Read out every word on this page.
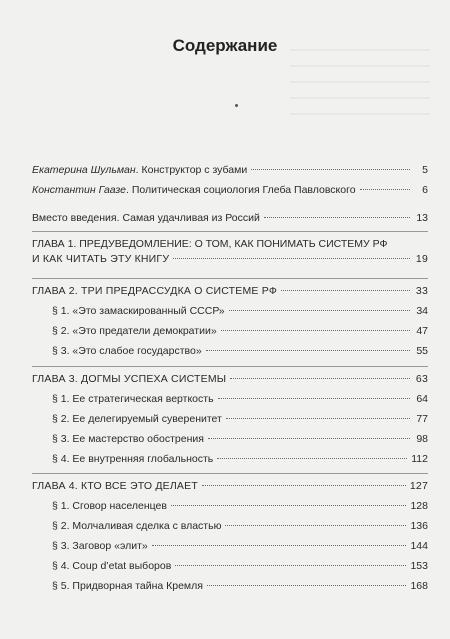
Содержание
Екатерина Шульман. Конструктор с зубами	5
Константин Гаазе. Политическая социология Глеба Павловского	6
Вместо введения. Самая удачливая из Россий	13
ГЛАВА 1. ПРЕДУВЕДОМЛЕНИЕ: О ТОМ, КАК ПОНИМАТЬ СИСТЕМУ РФ
И КАК ЧИТАТЬ ЭТУ КНИГУ	19
ГЛАВА 2. ТРИ ПРЕДРАССУДКА О СИСТЕМЕ РФ	33
§ 1. «Это замаскированный СССР»	34
§ 2. «Это предатели демократии»	47
§ 3. «Это слабое государство»	55
ГЛАВА 3. ДОГМЫ УСПЕХА СИСТЕМЫ	63
§ 1. Ее стратегическая верткость	64
§ 2. Ее делегируемый суверенитет	77
§ 3. Ее мастерство обострения	98
§ 4. Ее внутренняя глобальность	112
ГЛАВА 4. КТО ВСЕ ЭТО ДЕЛАЕТ	127
§ 1. Сговор населенцев	128
§ 2. Молчаливая сделка с властью	136
§ 3. Заговор «элит»	144
§ 4. Coup d’etat выборов	153
§ 5. Придворная тайна Кремля	168
